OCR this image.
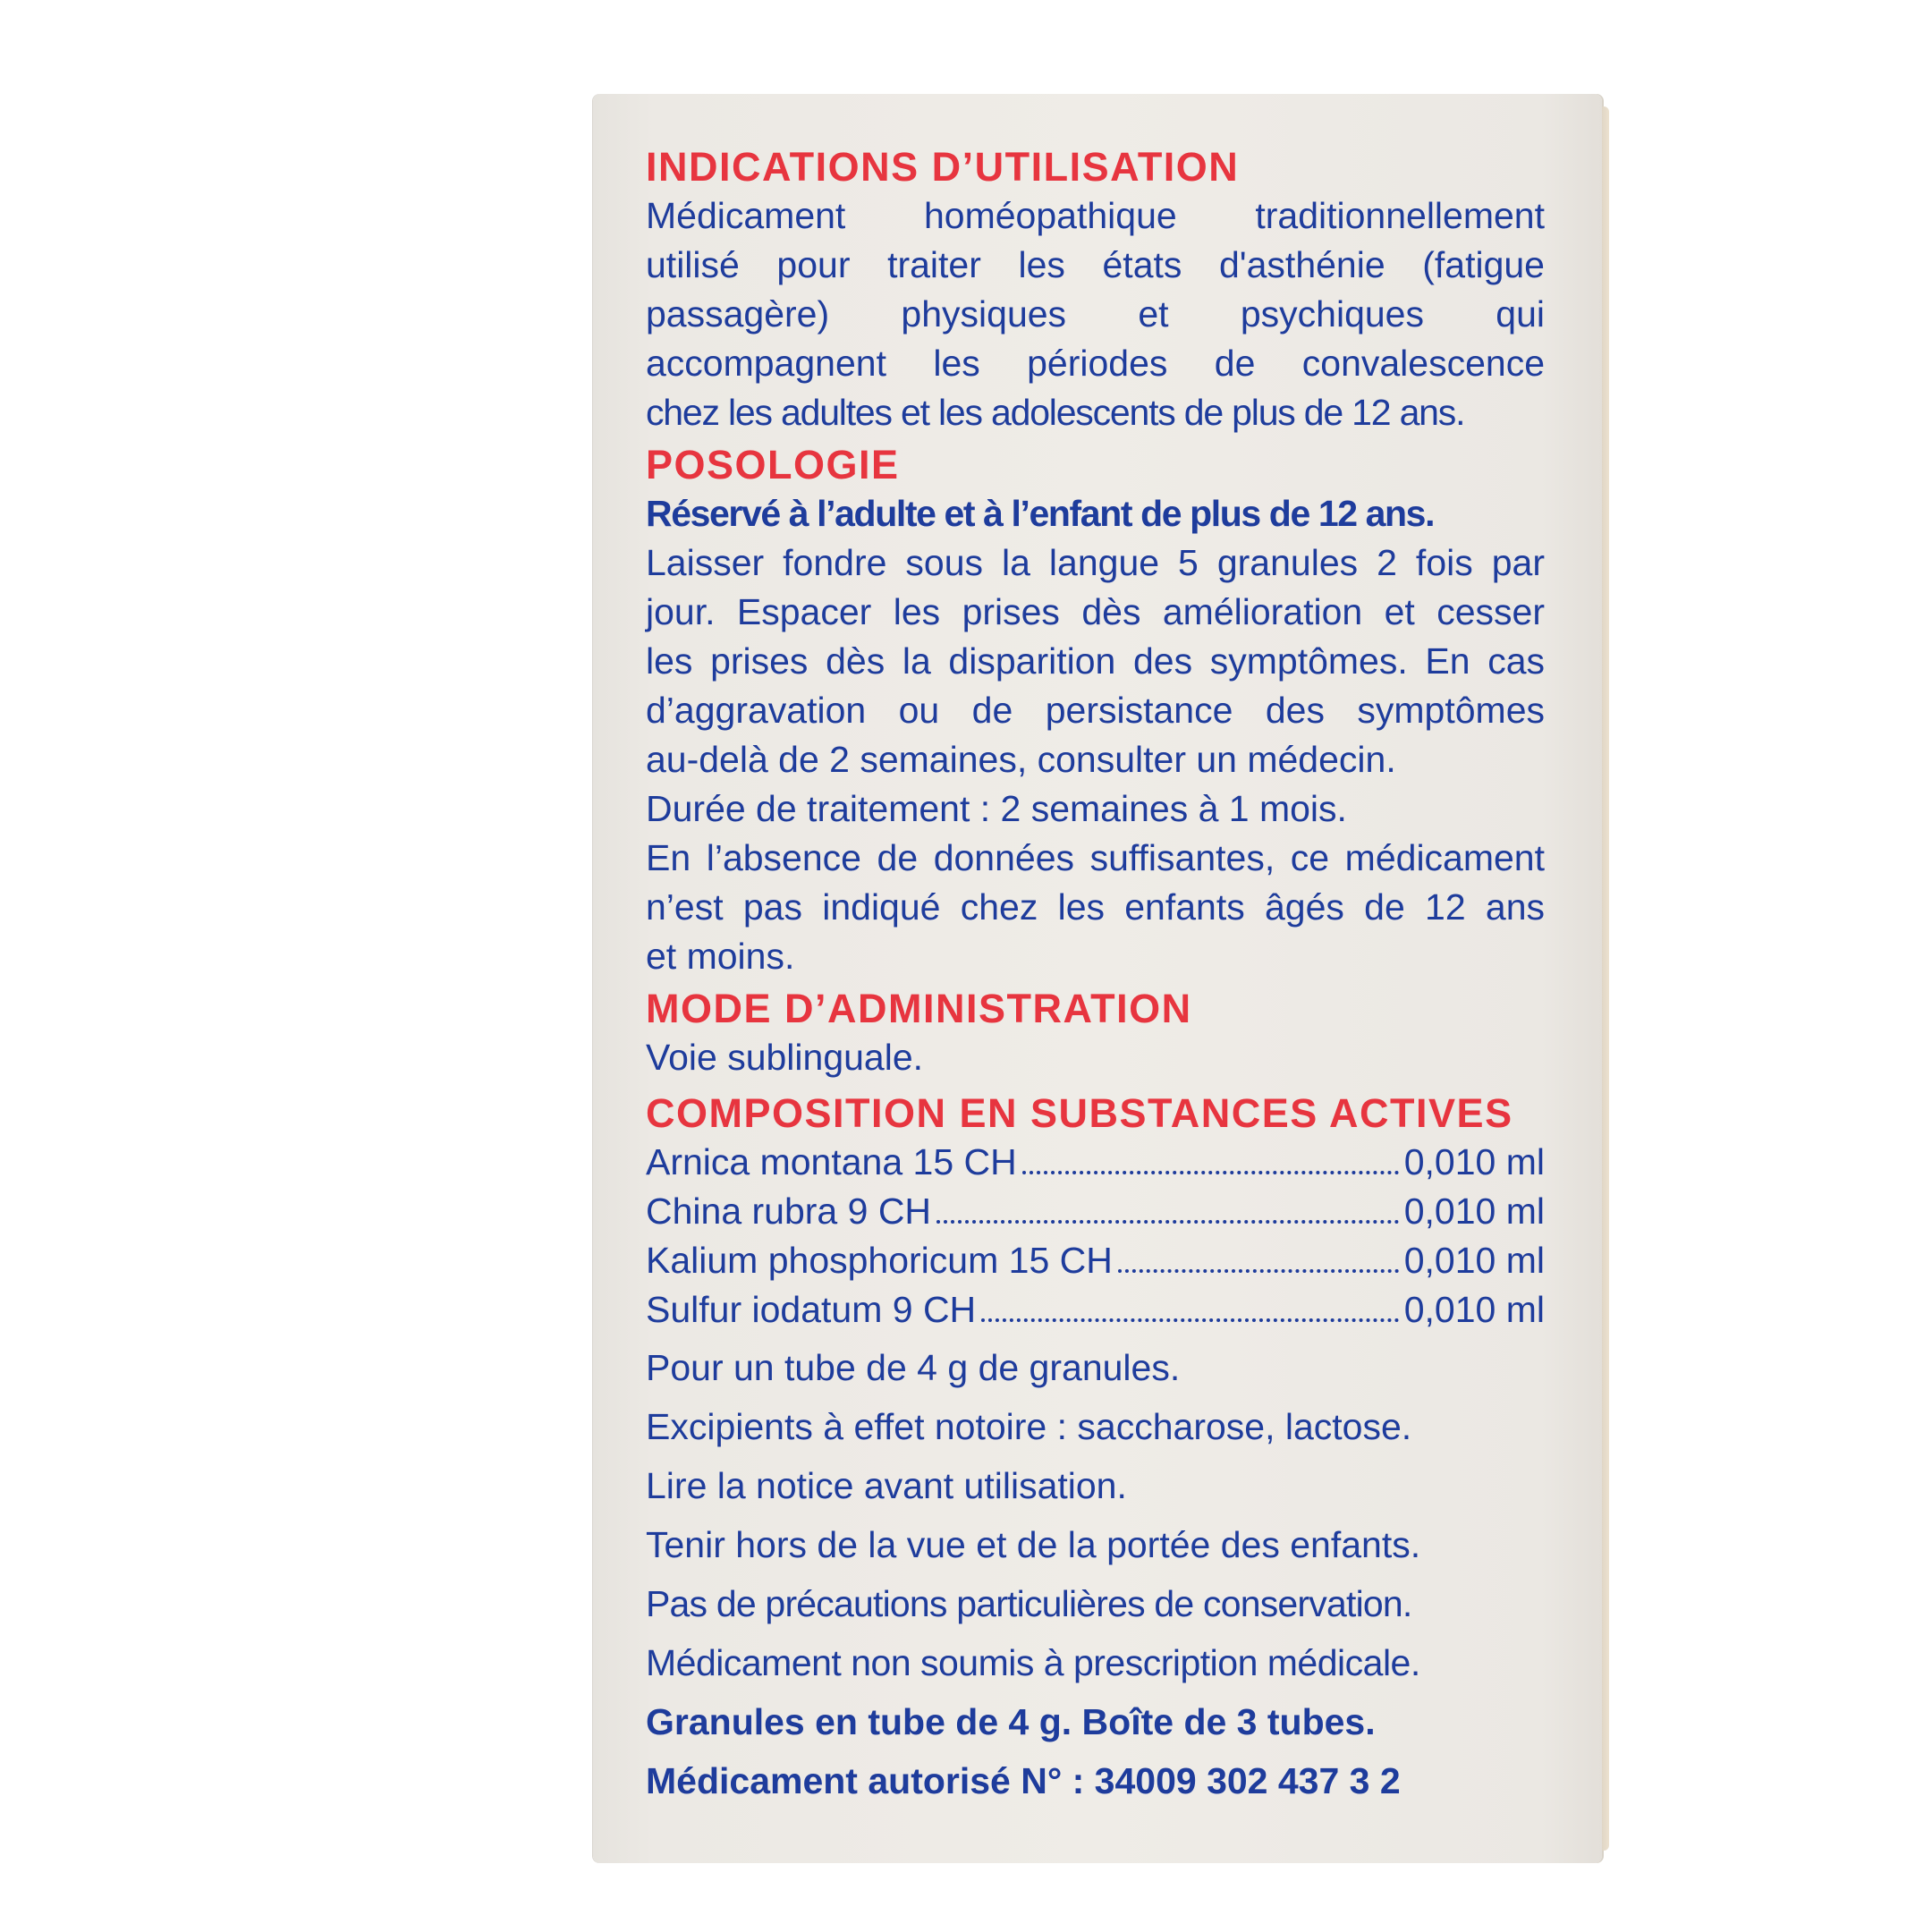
INDICATIONS D’UTILISATION

Médicament homéopathique traditionnellement
utilisé pour traiter les états d'asthénie (fatigue
passagère) physiques et psychiques qui
accompagnent les périodes de convalescence
chez les adultes et les adolescents de plus de 12 ans.

POSOLOGIE

Réservé à l’adulte et à l’enfant de plus de 12 ans.
Laisser fondre sous la langue 5 granules 2 fois par
jour. Espacer les prises dès amélioration et cesser
les prises dès la disparition des symptômes. En cas
d’aggravation ou de persistance des symptômes
au-delà de 2 semaines, consulter un médecin.
Durée de traitement : 2 semaines à 1 mois.
En l’absence de données suffisantes, ce médicament
n’est pas indiqué chez les enfants âgés de 12 ans
et moins.

MODE D’ADMINISTRATION

Voie sublinguale.

COMPOSITION EN SUBSTANCES ACTIVES

Arnica montana 15 CH	0,010 ml
China rubra 9 CH	0,010 ml
Kalium phosphoricum 15 CH	0,010 ml
Sulfur iodatum 9 CH	0,010 ml

Pour un tube de 4 g de granules.

Excipients à effet notoire : saccharose, lactose.

Lire la notice avant utilisation.

Tenir hors de la vue et de la portée des enfants.

Pas de précautions particulières de conservation.

Médicament non soumis à prescription médicale.

Granules en tube de 4 g. Boîte de 3 tubes.

Médicament autorisé N° : 34009 302 437 3 2
